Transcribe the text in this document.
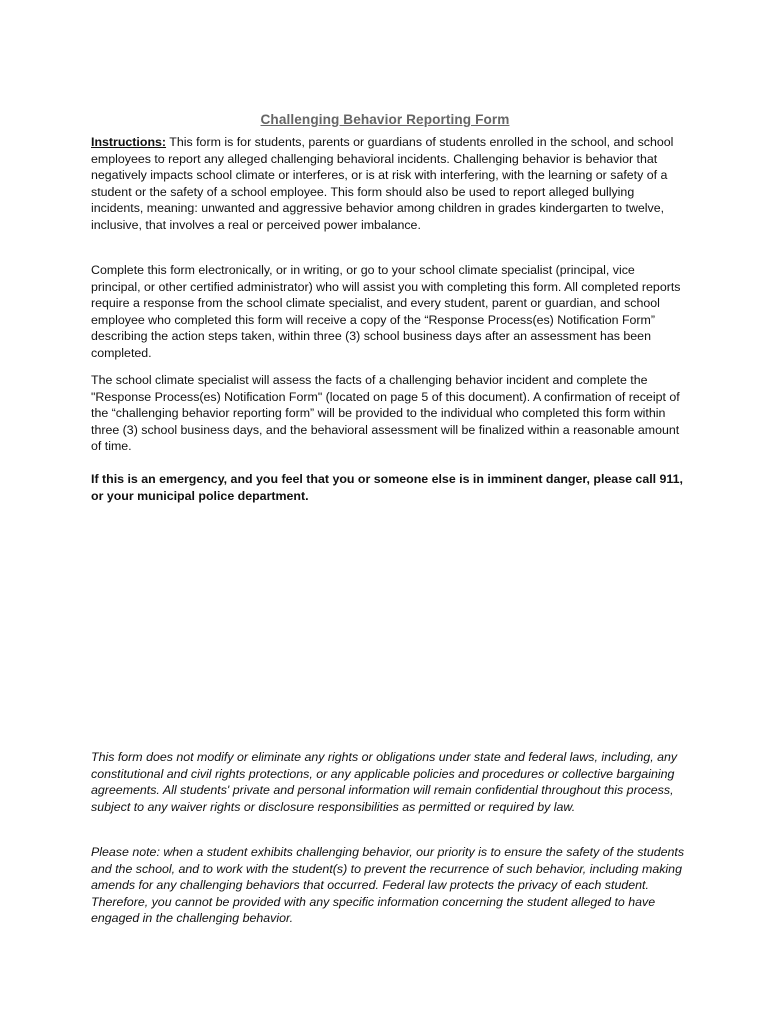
Challenging Behavior Reporting Form

Instructions: This form is for students, parents or guardians of students enrolled in the school, and school employees to report any alleged challenging behavioral incidents. Challenging behavior is behavior that negatively impacts school climate or interferes, or is at risk with interfering, with the learning or safety of a student or the safety of a school employee. This form should also be used to report alleged bullying incidents, meaning: unwanted and aggressive behavior among children in grades kindergarten to twelve, inclusive, that involves a real or perceived power imbalance.

Complete this form electronically, or in writing, or go to your school climate specialist (principal, vice principal, or other certified administrator) who will assist you with completing this form. All completed reports require a response from the school climate specialist, and every student, parent or guardian, and school employee who completed this form will receive a copy of the “Response Process(es) Notification Form” describing the action steps taken, within three (3) school business days after an assessment has been completed.

The school climate specialist will assess the facts of a challenging behavior incident and complete the "Response Process(es) Notification Form" (located on page 5 of this document). A confirmation of receipt of the “challenging behavior reporting form” will be provided to the individual who completed this form within three (3) school business days, and the behavioral assessment will be finalized within a reasonable amount of time.

If this is an emergency, and you feel that you or someone else is in imminent danger, please call 911, or your municipal police department.

This form does not modify or eliminate any rights or obligations under state and federal laws, including, any constitutional and civil rights protections, or any applicable policies and procedures or collective bargaining agreements. All students' private and personal information will remain confidential throughout this process, subject to any waiver rights or disclosure responsibilities as permitted or required by law.

Please note: when a student exhibits challenging behavior, our priority is to ensure the safety of the students and the school, and to work with the student(s) to prevent the recurrence of such behavior, including making amends for any challenging behaviors that occurred. Federal law protects the privacy of each student. Therefore, you cannot be provided with any specific information concerning the student alleged to have engaged in the challenging behavior.
